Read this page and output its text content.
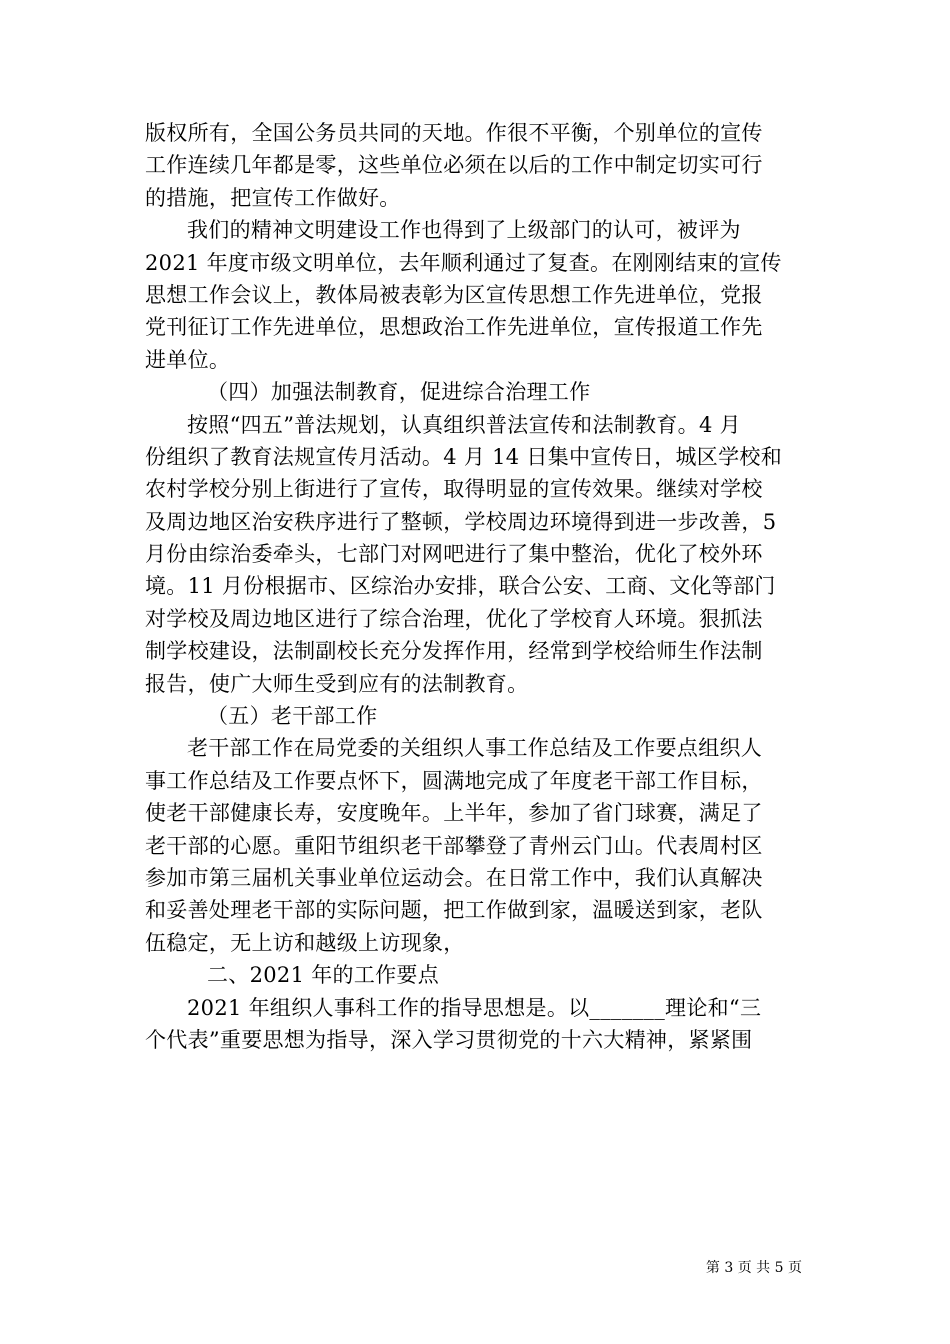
版权所有，全国公务员共同的天地。作很不平衡，个别单位的宣传
工作连续几年都是零，这些单位必须在以后的工作中制定切实可行
的措施，把宣传工作做好。
我们的精神文明建设工作也得到了上级部门的认可，被评为
2021 年度市级文明单位，去年顺利通过了复查。在刚刚结束的宣传
思想工作会议上，教体局被表彰为区宣传思想工作先进单位，党报
党刊征订工作先进单位，思想政治工作先进单位，宣传报道工作先
进单位。
（四）加强法制教育，促进综合治理工作
按照“四五”普法规划，认真组织普法宣传和法制教育。4 月
份组织了教育法规宣传月活动。4 月 14 日集中宣传日，城区学校和
农村学校分别上街进行了宣传，取得明显的宣传效果。继续对学校
及周边地区治安秩序进行了整顿，学校周边环境得到进一步改善，5
月份由综治委牵头，七部门对网吧进行了集中整治，优化了校外环
境。11 月份根据市、区综治办安排，联合公安、工商、文化等部门
对学校及周边地区进行了综合治理，优化了学校育人环境。狠抓法
制学校建设，法制副校长充分发挥作用，经常到学校给师生作法制
报告，使广大师生受到应有的法制教育。
（五）老干部工作
老干部工作在局党委的关组织人事工作总结及工作要点组织人
事工作总结及工作要点怀下，圆满地完成了年度老干部工作目标，
使老干部健康长寿，安度晚年。上半年，参加了省门球赛，满足了
老干部的心愿。重阳节组织老干部攀登了青州云门山。代表周村区
参加市第三届机关事业单位运动会。在日常工作中，我们认真解决
和妥善处理老干部的实际问题，把工作做到家，温暖送到家，老队
伍稳定，无上访和越级上访现象，
二、2021 年的工作要点
2021 年组织人事科工作的指导思想是。以_______理论和“三
个代表”重要思想为指导，深入学习贯彻党的十六大精神，紧紧围
第 3 页 共 5 页
